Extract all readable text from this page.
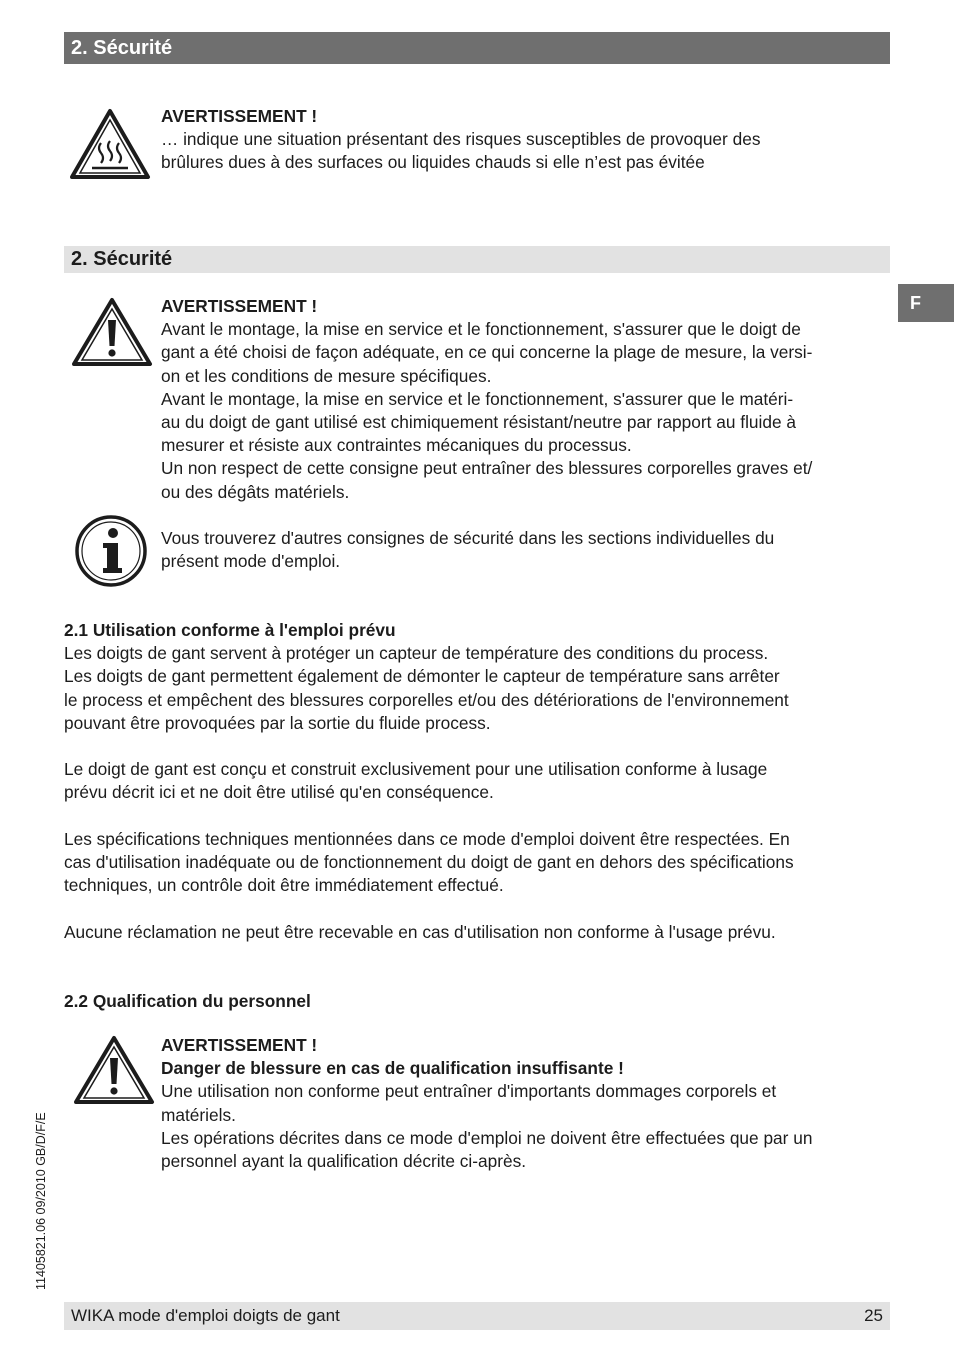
2. Sécurité
AVERTISSEMENT !
… indique une situation présentant des risques susceptibles de provoquer des
brûlures dues à des surfaces ou liquides chauds si elle n’est pas évitée
2. Sécurité
F
AVERTISSEMENT !
Avant le montage, la mise en service et le fonctionnement, s'assurer que le doigt de
gant a été choisi de façon adéquate, en ce qui concerne la plage de mesure, la versi-
on et les conditions de mesure spécifiques.
Avant le montage, la mise en service et le fonctionnement, s'assurer que le matéri-
au du doigt de gant utilisé est chimiquement résistant/neutre par rapport au fluide à
mesurer et résiste aux contraintes mécaniques du processus.
Un non respect de cette consigne peut entraîner des blessures corporelles graves et/
ou des dégâts matériels.
Vous trouverez d'autres consignes de sécurité dans les sections individuelles du
présent mode d'emploi.
2.1 Utilisation conforme à l'emploi prévu
Les doigts de gant servent à protéger un capteur de température des conditions du process.
Les doigts de gant permettent également de démonter le capteur de température sans arrêter
le process et empêchent des blessures corporelles et/ou des détériorations de l'environnement
pouvant être provoquées par la sortie du fluide process.
Le doigt de gant est conçu et construit exclusivement pour une utilisation conforme à lusage
prévu décrit ici et ne doit être utilisé qu'en conséquence.
Les spécifications techniques mentionnées dans ce mode d'emploi doivent être respectées. En
cas d'utilisation inadéquate ou de fonctionnement du doigt de gant en dehors des spécifications
techniques, un contrôle doit être immédiatement effectué.
Aucune réclamation ne peut être recevable en cas d'utilisation non conforme à l'usage prévu.
2.2 Qualification du personnel
AVERTISSEMENT !
Danger de blessure en cas de qualification insuffisante !
Une utilisation non conforme peut entraîner d'importants dommages corporels et
matériels.
Les opérations décrites dans ce mode d'emploi ne doivent être effectuées que par un
personnel ayant la qualification décrite ci-après.
11405821.06 09/2010 GB/D/F/E
WIKA mode d'emploi doigts de gant	25
